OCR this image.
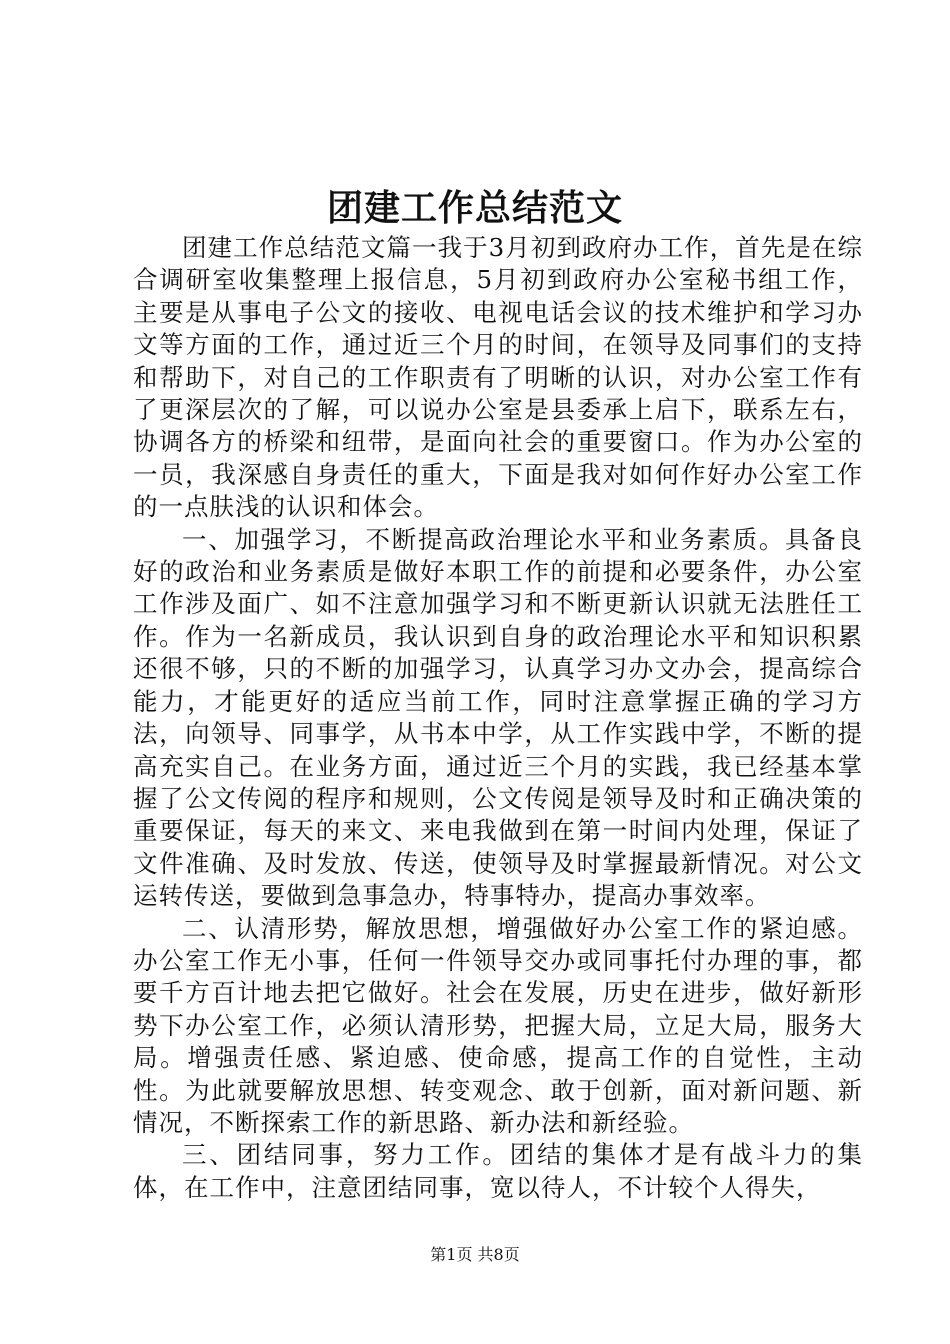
团建工作总结范文

团建工作总结范文篇一我于3月初到政府办工作，首先是在综合调研室收集整理上报信息，5月初到政府办公室秘书组工作，主要是从事电子公文的接收、电视电话会议的技术维护和学习办文等方面的工作，通过近三个月的时间，在领导及同事们的支持和帮助下，对自己的工作职责有了明晰的认识，对办公室工作有了更深层次的了解，可以说办公室是县委承上启下，联系左右，协调各方的桥梁和纽带，是面向社会的重要窗口。作为办公室的一员，我深感自身责任的重大，下面是我对如何作好办公室工作的一点肤浅的认识和体会。

一、加强学习，不断提高政治理论水平和业务素质。具备良好的政治和业务素质是做好本职工作的前提和必要条件，办公室工作涉及面广、如不注意加强学习和不断更新认识就无法胜任工作。作为一名新成员，我认识到自身的政治理论水平和知识积累还很不够，只的不断的加强学习，认真学习办文办会，提高综合能力，才能更好的适应当前工作，同时注意掌握正确的学习方法，向领导、同事学，从书本中学，从工作实践中学，不断的提高充实自己。在业务方面，通过近三个月的实践，我已经基本掌握了公文传阅的程序和规则，公文传阅是领导及时和正确决策的重要保证，每天的来文、来电我做到在第一时间内处理，保证了文件准确、及时发放、传送，使领导及时掌握最新情况。对公文运转传送，要做到急事急办，特事特办，提高办事效率。

二、认清形势，解放思想，增强做好办公室工作的紧迫感。办公室工作无小事，任何一件领导交办或同事托付办理的事，都要千方百计地去把它做好。社会在发展，历史在进步，做好新形势下办公室工作，必须认清形势，把握大局，立足大局，服务大局。增强责任感、紧迫感、使命感，提高工作的自觉性，主动性。为此就要解放思想、转变观念、敢于创新，面对新问题、新情况，不断探索工作的新思路、新办法和新经验。

三、团结同事，努力工作。团结的集体才是有战斗力的集体，在工作中，注意团结同事，宽以待人，不计较个人得失，

第1页 共8页
